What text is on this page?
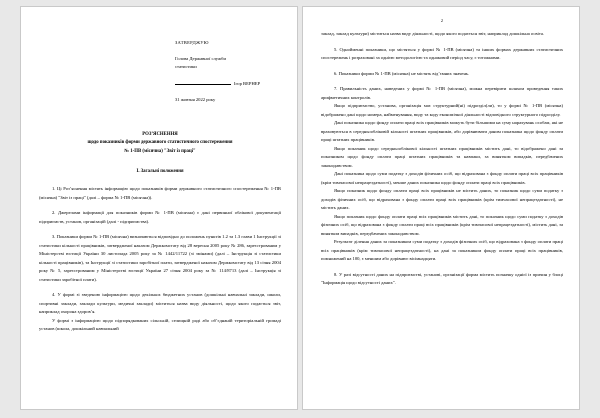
ЗАТВЕРДЖУЮ
Голова Державної служби
статистики
Ігор ВЕРНЕР
31 жовтня 2022 року
РОЗ’ЯСНЕННЯ
щодо показників форми державного статистичного спостереження
№ 1-ПВ (місячна) "Звіт із праці"
I. Загальні положення

1. Ці Роз’яснення містять інформацію щодо показників форми державного статистичного спостереження № 1-ПВ (місячна) "Звіт із праці" (далі – форма № 1-ПВ (місячна)).

2. Джерелами інформації для показників форми № 1-ПВ (місячна) є дані первинної облікової документації підприємств, установ, організацій (далі - підприємства).

3. Показники форми № 1-ПВ (місячна) визначаються відповідно до положень пунктів 1.2 та 1.3 глави 1 Інструкції зі статистики кількості працівників, затвердженої наказом Держкомстату від 28 вересня 2005 року № 286, зареєстрованим у Міністерстві юстиції України 30 листопада 2005 року за № 1442/11722 (зі змінами) (далі – Інструкція зі статистики кількості працівників), та Інструкції зі статистики заробітної плати, затвердженої наказом Держкомстату від 13 січня 2004 року № 5, зареєстрованим у Міністерстві юстиції України 27 січня 2004 року за № 114/8713 (далі – Інструкція зі статистики заробітної плати).

4. У формі зі зведеною інформацією щодо декількох бюджетних установ (дошкільні навчальні заклади, школи, спортивні заклади, заклади культури, медичні заклади) міститься назва виду діяльності, щодо якого подається звіт, наприклад охорона здоров’я.

У формі з інформацією щодо підпорядкованих сільській, селищній раді або об’єднаній територіальній громаді установ (школа, дошкільний навчальний

2

заклад, заклад культури) міститься назва виду діяльності, щодо якого подається звіт, наприклад дошкільна освіта.

5. Однойменні показники, що містяться у формі № 1-ПВ (місячна) та інших формах державних статистичних спостережень і розраховані за однією методологією та однаковий період часу, є тотожними.

6. Показники форми № 1-ПВ (місячна) не містять від’ємних значень.

7. Правильність даних, наведених у формі № 1-ПВ (місячна), можна перевірити шляхом проведення таких арифметичних контролів.

Якщо підприємство, установа, організація має структурний(ні) підрозділ(ли), то у формі № 1-ПВ (місячна) відображено дані щодо номера, найменування, виду та коду економічної діяльності відповідного структурного підрозділу.

Дані показника щодо фонду оплати праці всіх працівників можуть бути більшими на суму нарахувань особам, які не враховуються в середньообліковій кількості штатних працівників, або дорівнювати даним показника щодо фонду оплати праці штатних працівників.

Якщо показник щодо середньооблікової кількості штатних працівників містить дані, то відображено дані за показником щодо фонду оплати праці штатних працівників та навпаки, за винятком випадків, передбачених законодавством.

Дані показника щодо суми податку з доходів фізичних осіб, що відрахована з фонду оплати праці всіх працівників (крім тимчасової непрацездатності), менше даних показника щодо фонду оплати праці всіх працівників.

Якщо показник щодо фонду оплати праці всіх працівників не містить даних, то показник щодо суми податку з доходів фізичних осіб, що відрахована з фонду оплати праці всіх працівників (крім тимчасової непрацездатності), не містить даних.

Якщо показник щодо фонду оплати праці всіх працівників містить дані, то показник щодо суми податку з доходів фізичних осіб, що відрахована з фонду оплати праці всіх працівників (крім тимчасової непрацездатності), містить дані, за винятком випадків, передбачених законодавством.

Результат ділення даних за показником суми податку з доходів фізичних осіб, що відрахована з фонду оплати праці всіх працівників (крім тимчасової непрацездатності), на дані за показником фонду оплати праці всіх працівників, помножений на 100, є меншим або дорівнює вісімнадцяти.

8. У разі відсутності даних на підприємстві, установі, організації форма містить позначку однієї із причин у блоці "Інформація щодо відсутності даних".
